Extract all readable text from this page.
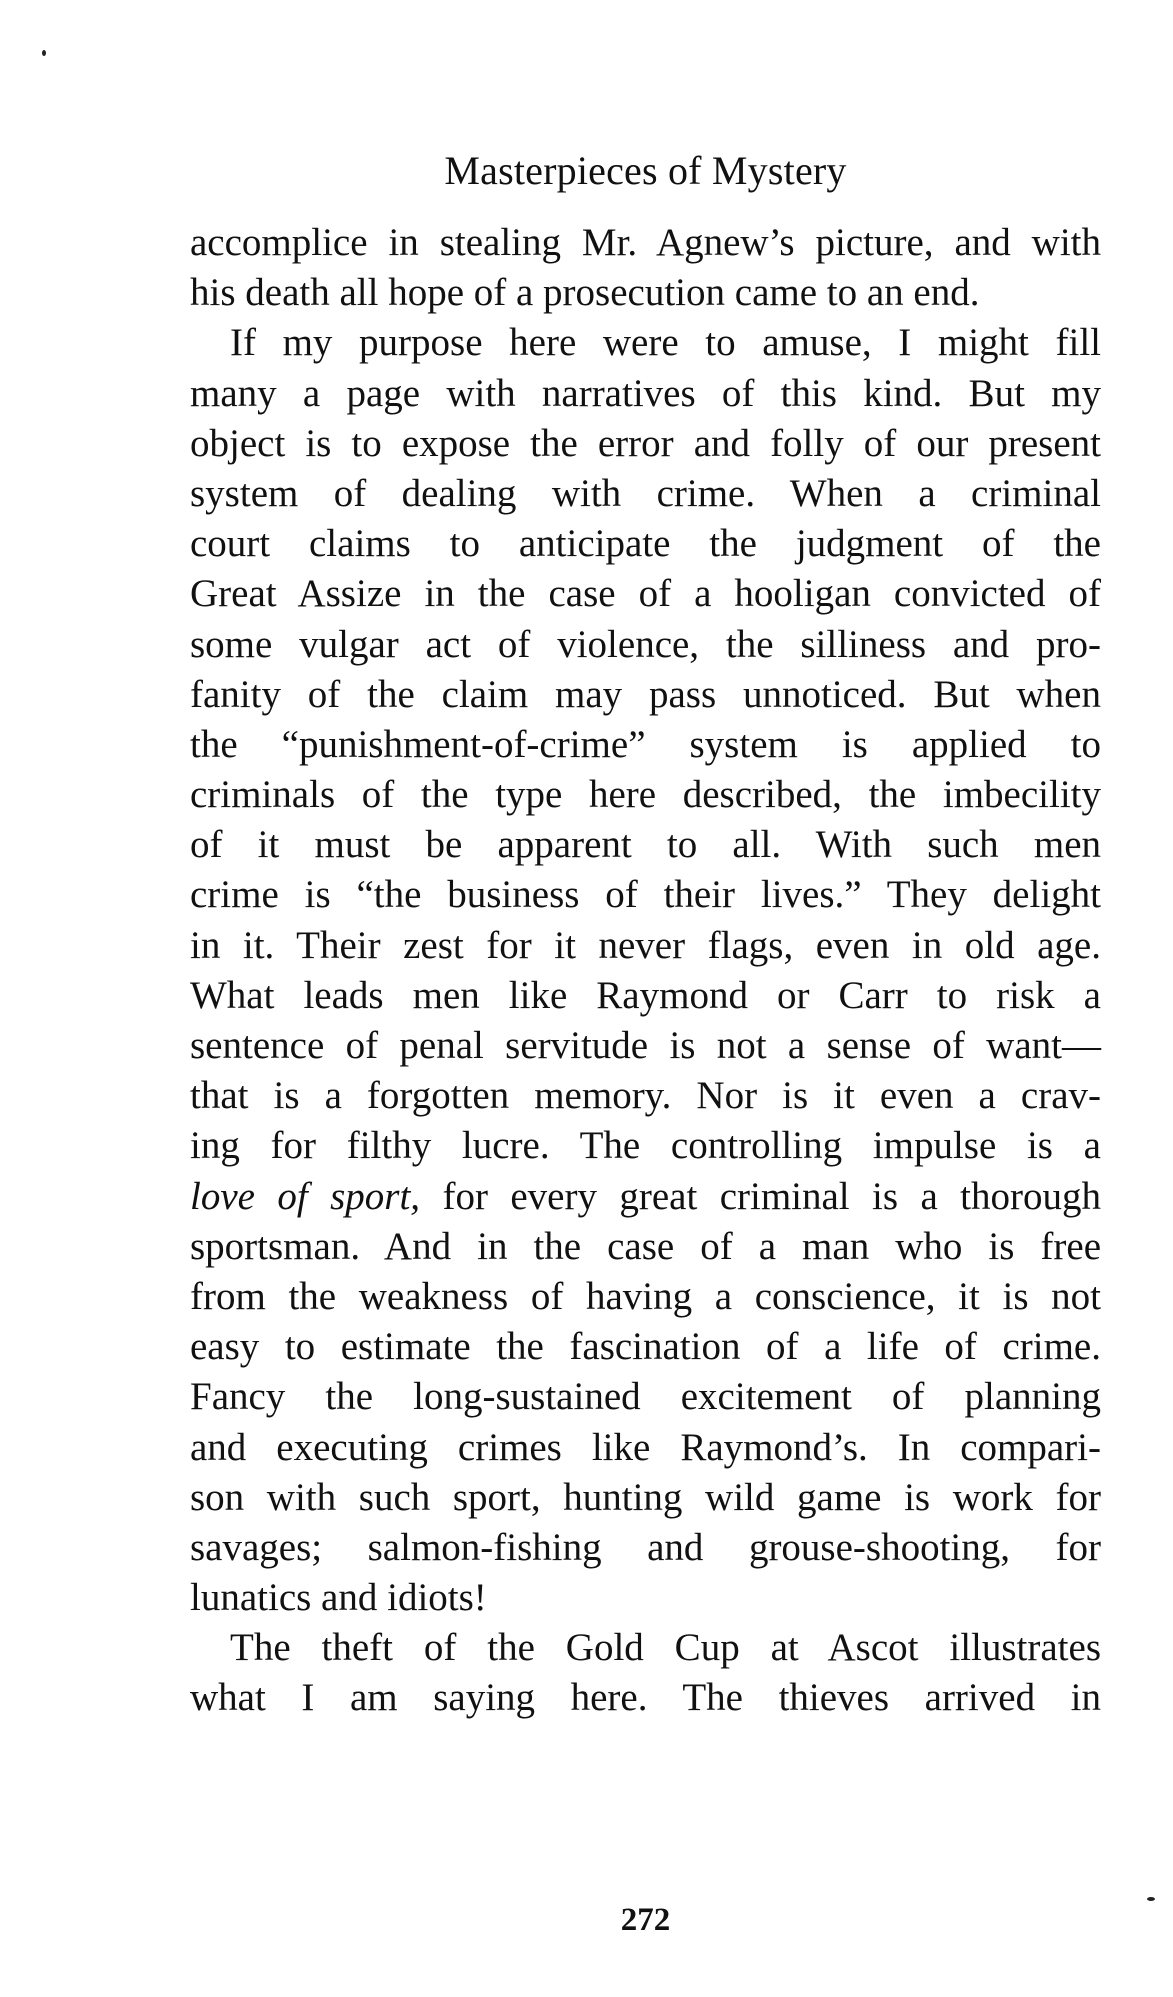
Masterpieces of Mystery
accomplice in stealing Mr. Agnew’s picture, and with
his death all hope of a prosecution came to an end.
If my purpose here were to amuse, I might fill
many a page with narratives of this kind. But my
object is to expose the error and folly of our present
system of dealing with crime. When a criminal
court claims to anticipate the judgment of the
Great Assize in the case of a hooligan convicted of
some vulgar act of violence, the silliness and pro-
fanity of the claim may pass unnoticed. But when
the “punishment-of-crime” system is applied to
criminals of the type here described, the imbecility
of it must be apparent to all. With such men
crime is “the business of their lives.” They delight
in it. Their zest for it never flags, even in old age.
What leads men like Raymond or Carr to risk a
sentence of penal servitude is not a sense of want—
that is a forgotten memory. Nor is it even a crav-
ing for filthy lucre. The controlling impulse is a
love of sport, for every great criminal is a thorough
sportsman. And in the case of a man who is free
from the weakness of having a conscience, it is not
easy to estimate the fascination of a life of crime.
Fancy the long-sustained excitement of planning
and executing crimes like Raymond’s. In compari-
son with such sport, hunting wild game is work for
savages; salmon-fishing and grouse-shooting, for
lunatics and idiots!
The theft of the Gold Cup at Ascot illustrates
what I am saying here. The thieves arrived in
272
